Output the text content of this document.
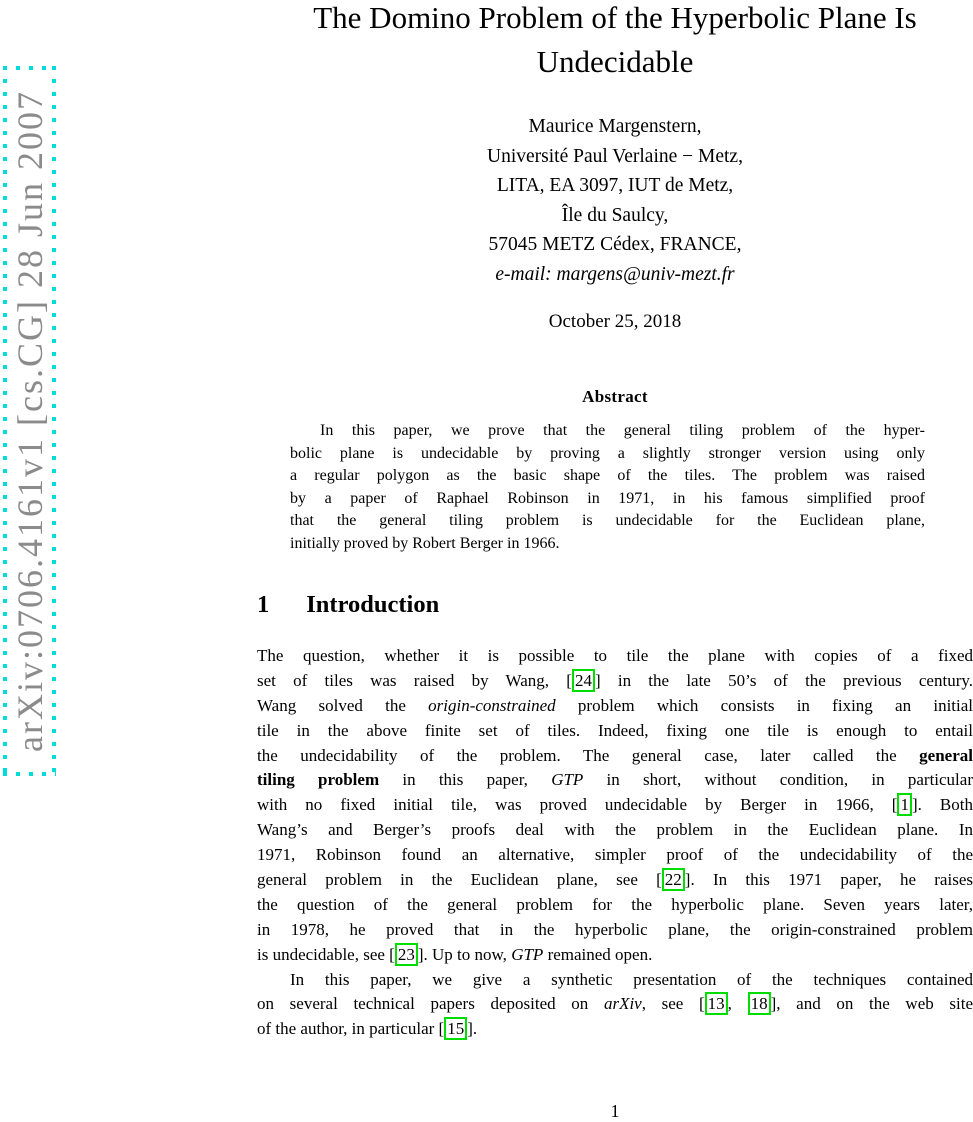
arXiv:0706.4161v1 [cs.CG] 28 Jun 2007
The Domino Problem of the Hyperbolic Plane Is
Undecidable
Maurice Margenstern,
Université Paul Verlaine − Metz,
LITA, EA 3097, IUT de Metz,
Île du Saulcy,
57045 METZ Cédex, FRANCE,
e-mail: margens@univ-mezt.fr
October 25, 2018
Abstract
In this paper, we prove that the general tiling problem of the hyper-
bolic plane is undecidable by proving a slightly stronger version using only
a regular polygon as the basic shape of the tiles. The problem was raised
by a paper of Raphael Robinson in 1971, in his famous simplified proof
that the general tiling problem is undecidable for the Euclidean plane,
initially proved by Robert Berger in 1966.
1 Introduction
The question, whether it is possible to tile the plane with copies of a fixed
set of tiles was raised by Wang, [ 24 ] in the late 50’s of the previous century.
Wang solved the origin-constrained problem which consists in fixing an initial
tile in the above finite set of tiles. Indeed, fixing one tile is enough to entail
the undecidability of the problem. The general case, later called the general
tiling problem in this paper, GTP in short, without condition, in particular
with no fixed initial tile, was proved undecidable by Berger in 1966, [ 1 ]. Both
Wang’s and Berger’s proofs deal with the problem in the Euclidean plane. In
1971, Robinson found an alternative, simpler proof of the undecidability of the
general problem in the Euclidean plane, see [ 22 ]. In this 1971 paper, he raises
the question of the general problem for the hyperbolic plane. Seven years later,
in 1978, he proved that in the hyperbolic plane, the origin-constrained problem
is undecidable, see [ 23 ]. Up to now, GTP remained open.
In this paper, we give a synthetic presentation of the techniques contained
on several technical papers deposited on arXiv, see [ 13 , 18 ], and on the web site
of the author, in particular [ 15 ].
1
